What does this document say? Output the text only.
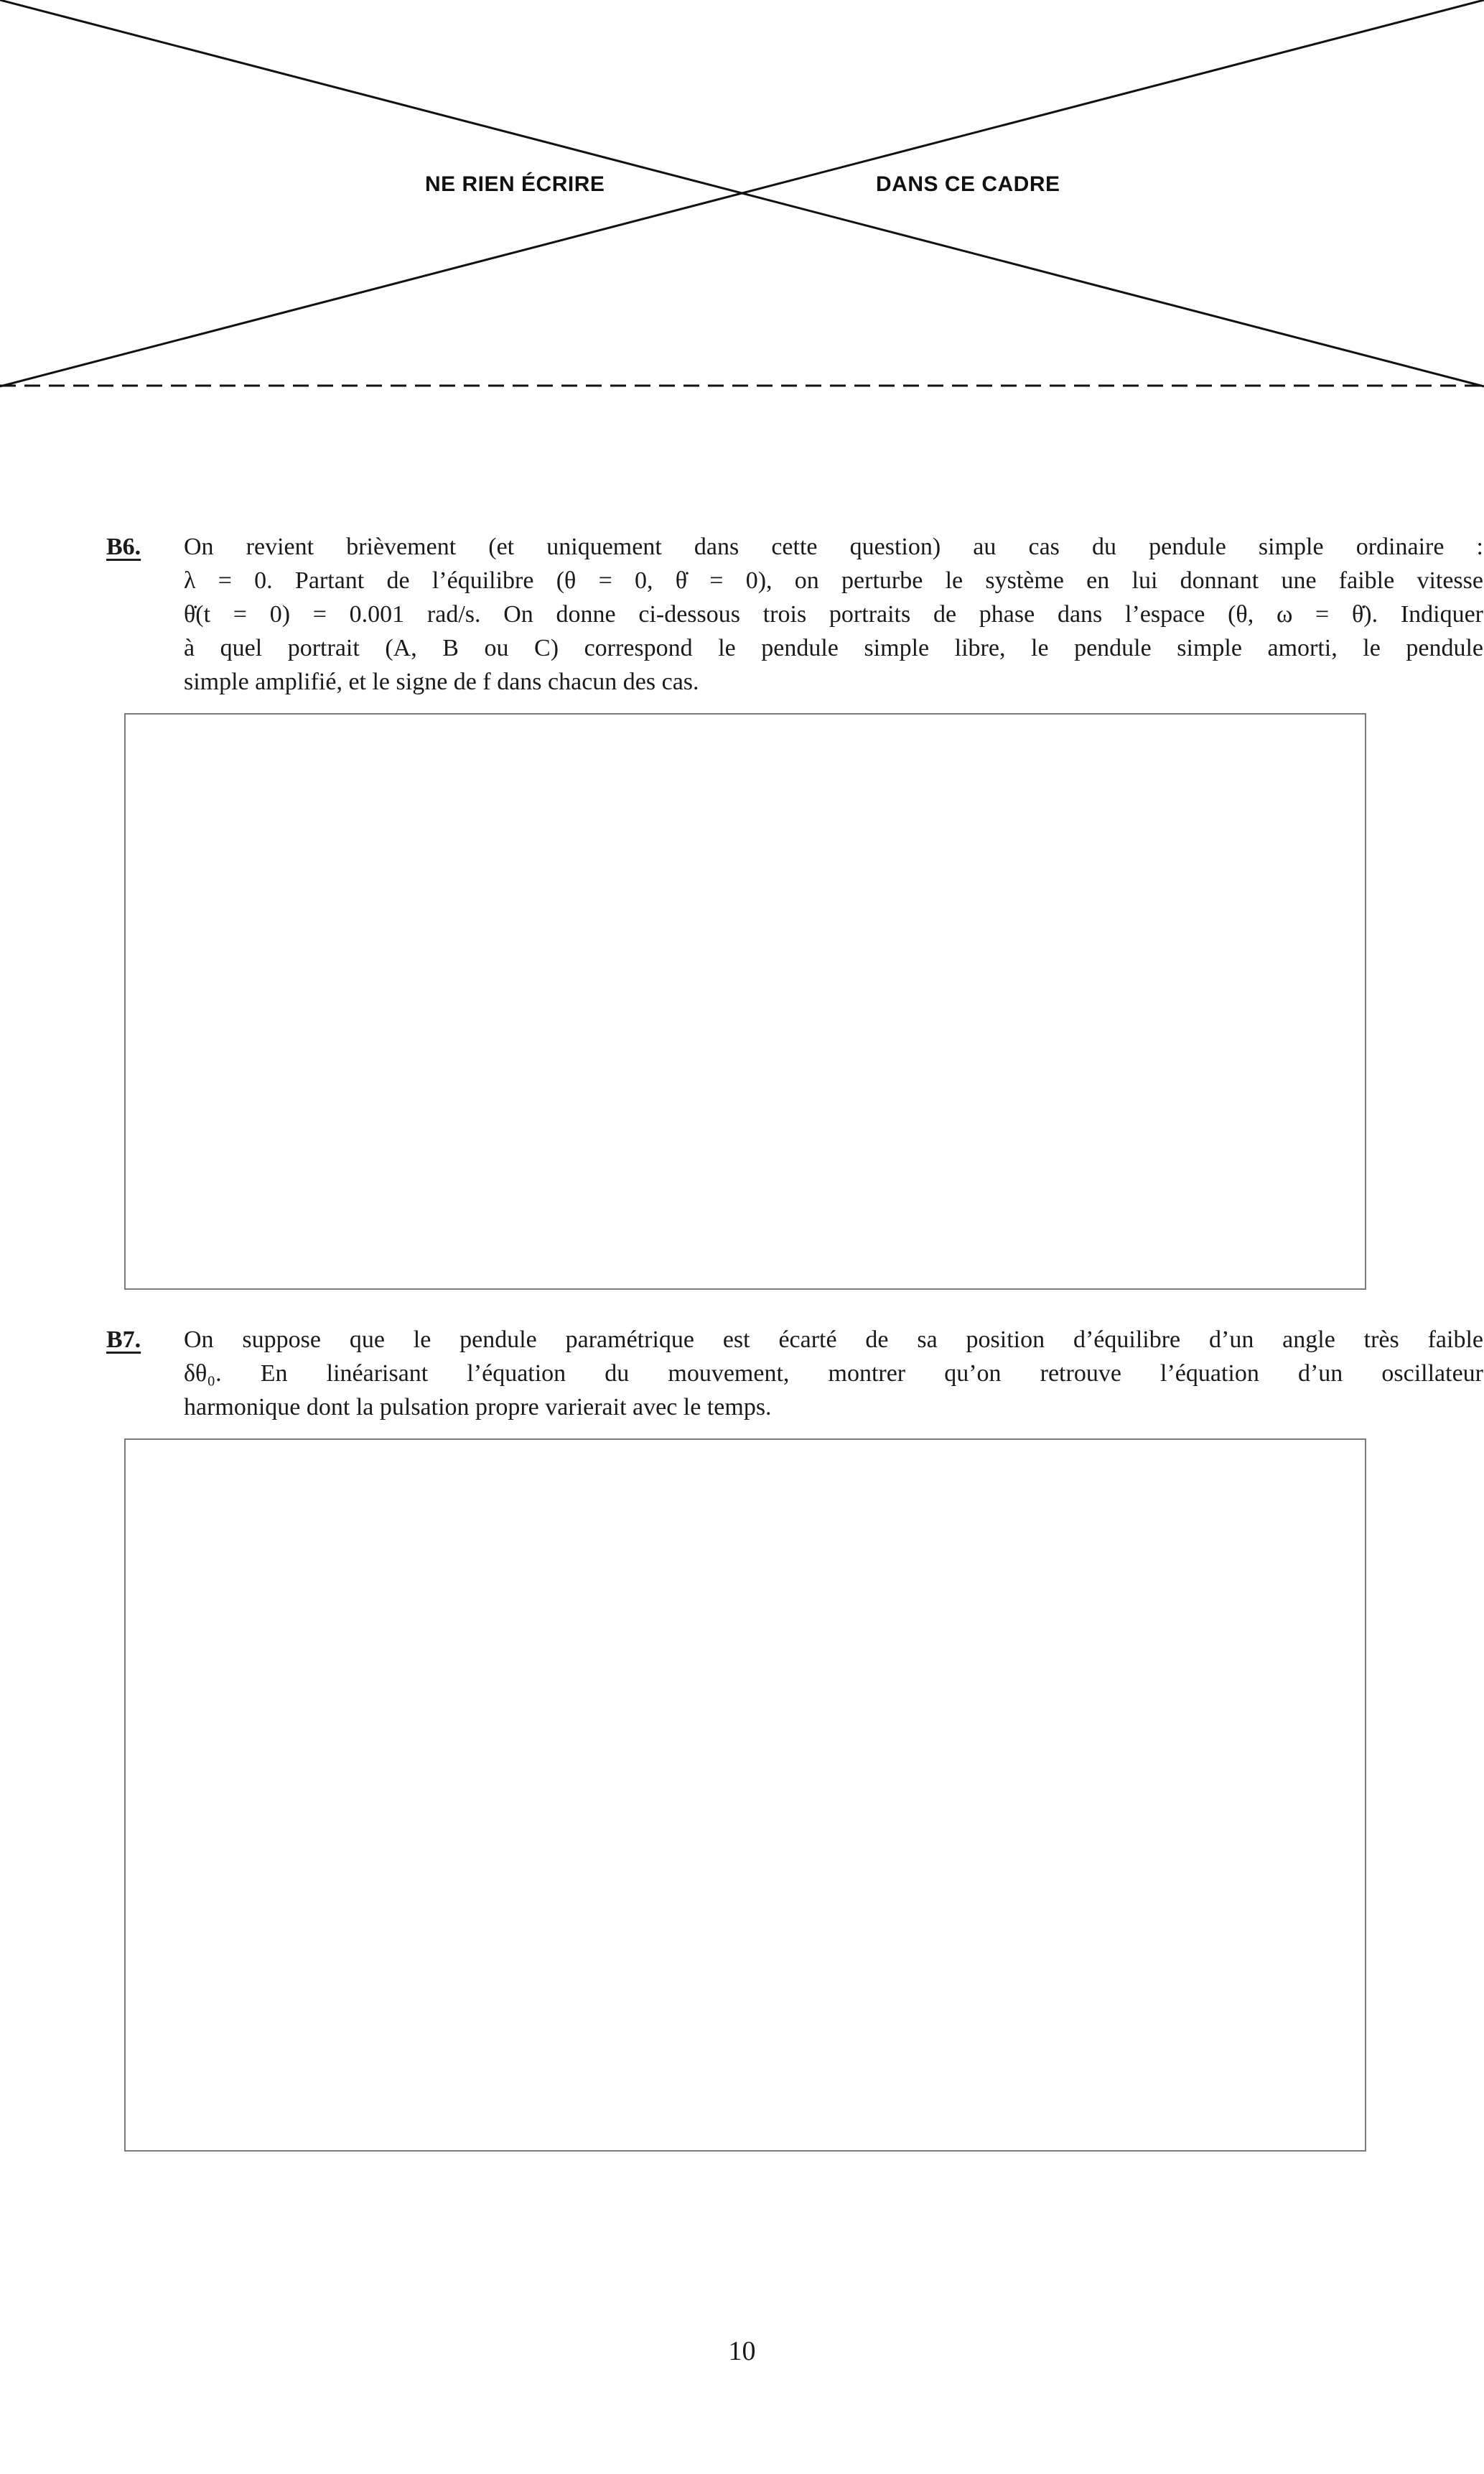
NE RIEN ÉCRIRE	DANS CE CADRE
B6. On revient brièvement (et uniquement dans cette question) au cas du pendule simple ordinaire :
λ = 0. Partant de l’équilibre (θ = 0, θ̇ = 0), on perturbe le système en lui donnant une faible vitesse
θ̇(t = 0) = 0.001 rad/s. On donne ci-dessous trois portraits de phase dans l’espace (θ, ω = θ̇). Indiquer
à quel portrait (A, B ou C) correspond le pendule simple libre, le pendule simple amorti, le pendule
simple amplifié, et le signe de f dans chacun des cas.
B7. On suppose que le pendule paramétrique est écarté de sa position d’équilibre d’un angle très faible
δθ₀. En linéarisant l’équation du mouvement, montrer qu’on retrouve l’équation d’un oscillateur
harmonique dont la pulsation propre varierait avec le temps.
10
